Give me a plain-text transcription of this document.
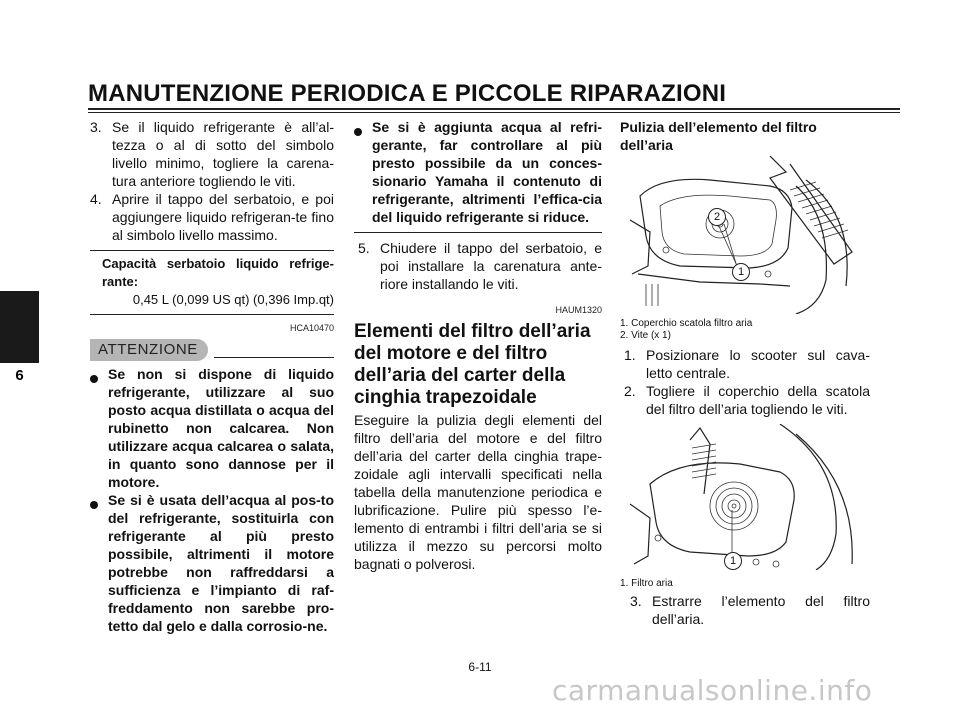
MANUTENZIONE PERIODICA E PICCOLE RIPARAZIONI
6
3. Se il liquido refrigerante è all’al-tezza o al di sotto del simbolo livello minimo, togliere la carena-tura anteriore togliendo le viti.
4. Aprire il tappo del serbatoio, e poi aggiungere liquido refrigeran-te fino al simbolo livello massimo.
Capacità serbatoio liquido refrige-rante:
0,45 L (0,099 US qt) (0,396 Imp.qt)
HCA10470
ATTENZIONE
Se non si dispone di liquido refrigerante, utilizzare al suo posto acqua distillata o acqua del rubinetto non calcarea. Non utilizzare acqua calcarea o salata, in quanto sono dannose per il motore.
Se si è usata dell’acqua al pos-to del refrigerante, sostituirla con refrigerante al più presto possibile, altrimenti il motore potrebbe non raffreddarsi a sufficienza e l’impianto di raf-freddamento non sarebbe pro-tetto dal gelo e dalla corrosio-ne.
Se si è aggiunta acqua al refri-gerante, far controllare al più presto possibile da un conces-sionario Yamaha il contenuto di refrigerante, altrimenti l’effica-cia del liquido refrigerante si riduce.
5. Chiudere il tappo del serbatoio, e poi installare la carenatura ante-riore installando le viti.
HAUM1320
Elementi del filtro dell’aria del motore e del filtro dell’aria del carter della cinghia trapezoidale

Eseguire la pulizia degli elementi del filtro dell’aria del motore e del filtro dell’aria del carter della cinghia trape-zoidale agli intervalli specificati nella tabella della manutenzione periodica e lubrificazione. Pulire più spesso l’e-lemento di entrambi i filtri dell’aria se si utilizza il mezzo su percorsi molto bagnati o polverosi.

Pulizia dell’elemento del filtro dell’aria
2
1
1. Coperchio scatola filtro aria
2. Vite (x 1)
1. Posizionare lo scooter sul cava-letto centrale.
2. Togliere il coperchio della scatola del filtro dell’aria togliendo le viti.
1
1. Filtro aria
3. Estrarre l’elemento del filtro dell’aria.
6-11
carmanualsonline.info
